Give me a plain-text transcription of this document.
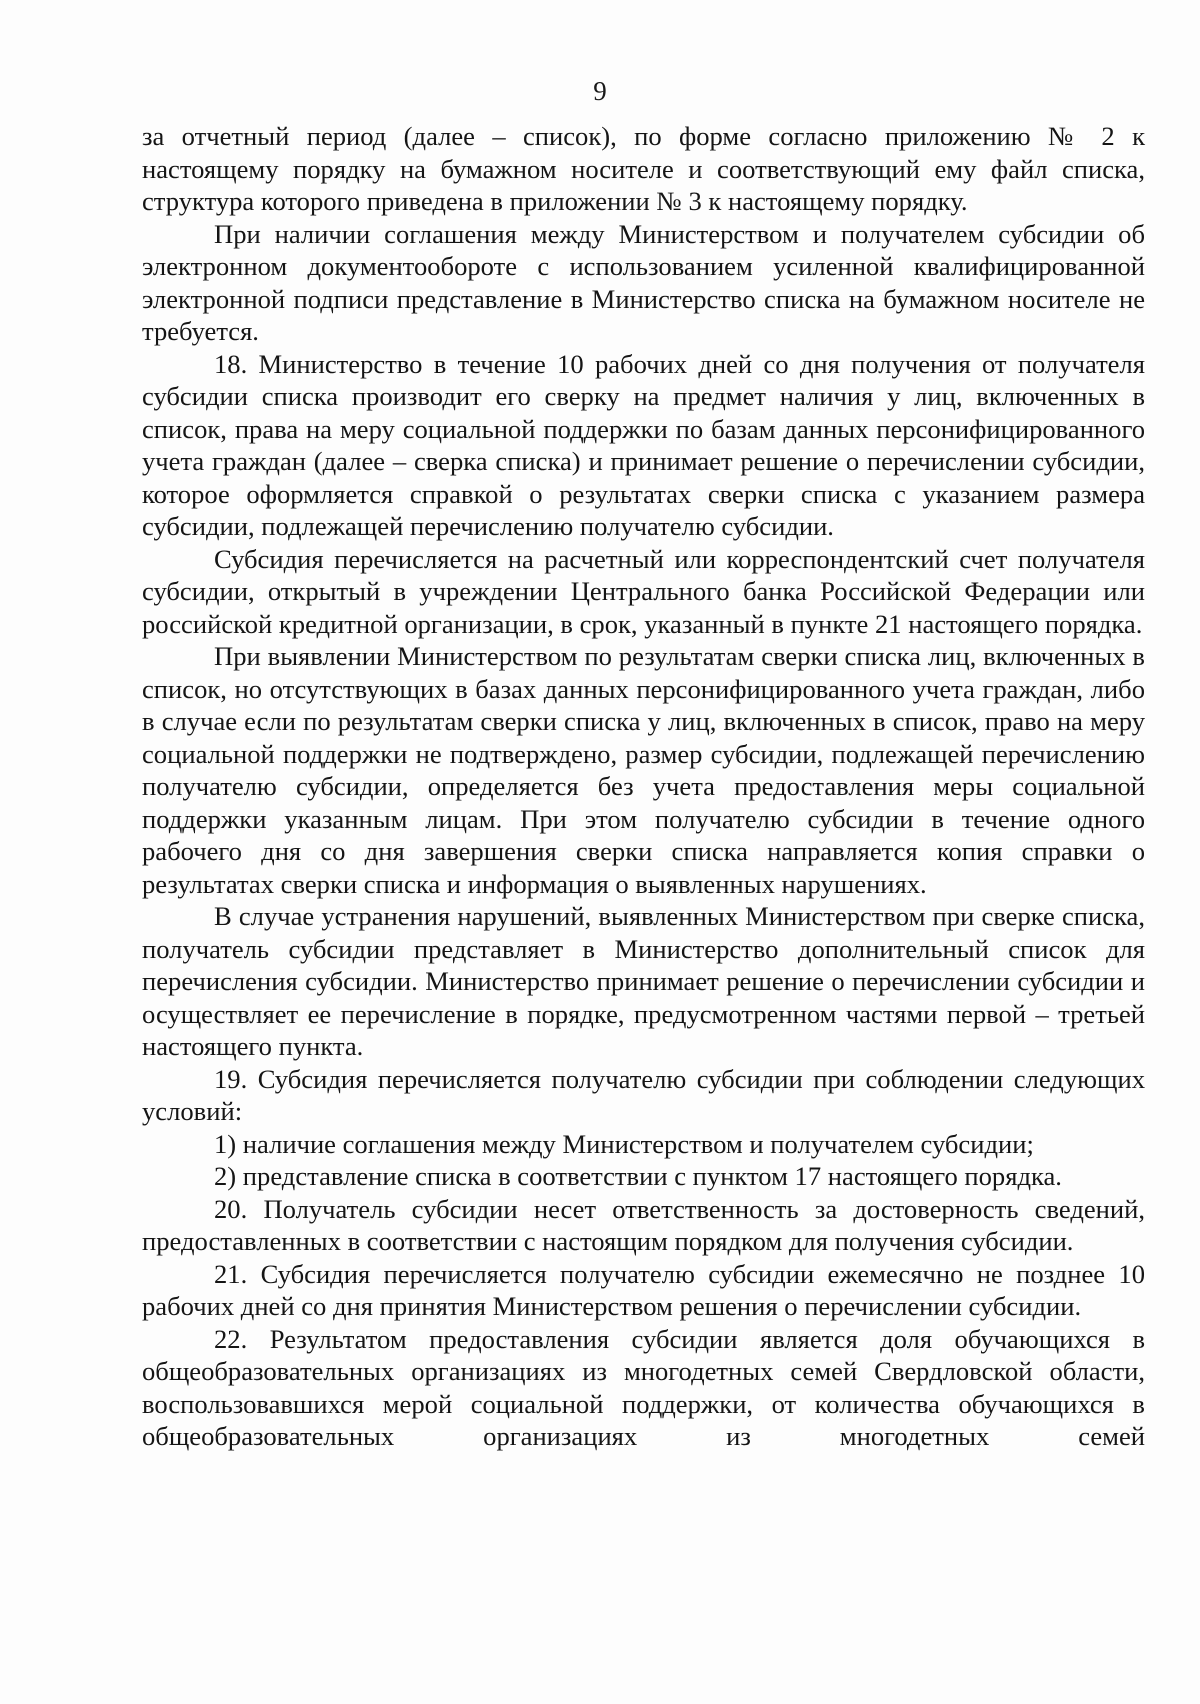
9

за отчетный период (далее – список), по форме согласно приложению № 2 к настоящему порядку на бумажном носителе и соответствующий ему файл списка, структура которого приведена в приложении № 3 к настоящему порядку.

При наличии соглашения между Министерством и получателем субсидии об электронном документообороте с использованием усиленной квалифицированной электронной подписи представление в Министерство списка на бумажном носителе не требуется.

18. Министерство в течение 10 рабочих дней со дня получения от получателя субсидии списка производит его сверку на предмет наличия у лиц, включенных в список, права на меру социальной поддержки по базам данных персонифицированного учета граждан (далее – сверка списка) и принимает решение о перечислении субсидии, которое оформляется справкой о результатах сверки списка с указанием размера субсидии, подлежащей перечислению получателю субсидии.

Субсидия перечисляется на расчетный или корреспондентский счет получателя субсидии, открытый в учреждении Центрального банка Российской Федерации или российской кредитной организации, в срок, указанный в пункте 21 настоящего порядка.

При выявлении Министерством по результатам сверки списка лиц, включенных в список, но отсутствующих в базах данных персонифицированного учета граждан, либо в случае если по результатам сверки списка у лиц, включенных в список, право на меру социальной поддержки не подтверждено, размер субсидии, подлежащей перечислению получателю субсидии, определяется без учета предоставления меры социальной поддержки указанным лицам. При этом получателю субсидии в течение одного рабочего дня со дня завершения сверки списка направляется копия справки о результатах сверки списка и информация о выявленных нарушениях.

В случае устранения нарушений, выявленных Министерством при сверке списка, получатель субсидии представляет в Министерство дополнительный список для перечисления субсидии. Министерство принимает решение о перечислении субсидии и осуществляет ее перечисление в порядке, предусмотренном частями первой – третьей настоящего пункта.

19. Субсидия перечисляется получателю субсидии при соблюдении следующих условий:

1) наличие соглашения между Министерством и получателем субсидии;

2) представление списка в соответствии с пунктом 17 настоящего порядка.

20. Получатель субсидии несет ответственность за достоверность сведений, предоставленных в соответствии с настоящим порядком для получения субсидии.

21. Субсидия перечисляется получателю субсидии ежемесячно не позднее 10 рабочих дней со дня принятия Министерством решения о перечислении субсидии.

22. Результатом предоставления субсидии является доля обучающихся в общеобразовательных организациях из многодетных семей Свердловской области, воспользовавшихся мерой социальной поддержки, от количества обучающихся в общеобразовательных организациях из многодетных семей
